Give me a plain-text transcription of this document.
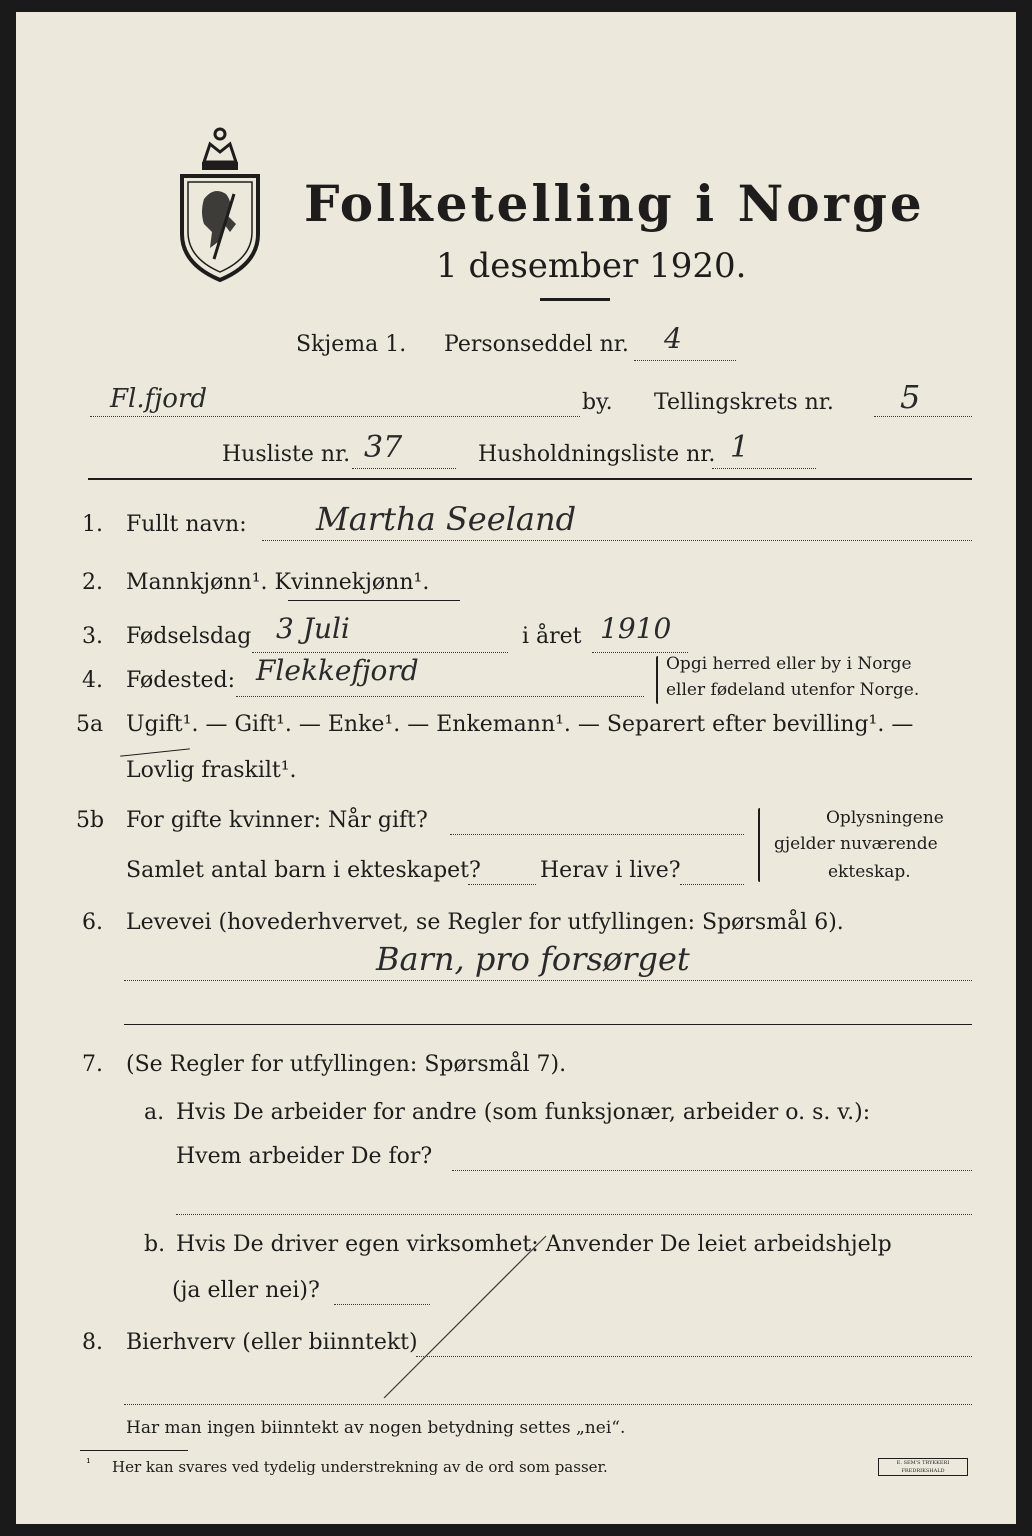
Folketelling i Norge
1 desember 1920.
Skjema 1. Personseddel nr. 4
Fl.fjord	by. Tellingskrets nr. 5
Husliste nr. 37	Husholdningsliste nr. 1
1. Fullt navn: Martha Seeland
2. Mannkjønn¹. Kvinnekjønn¹.
3. Fødselsdag 3 Juli	i året 1910
4. Fødested: Flekkefjord	Opgi herred eller by i Norge
eller fødeland utenfor Norge.
5a Ugift¹. — Gift¹. — Enke¹. — Enkemann¹. — Separert efter bevilling¹. —
Lovlig fraskilt¹.
5b For gifte kvinner: Når gift?
Samlet antal barn i ekteskapet?	Herav i live?
Oplysningene
gjelder nuværende
ekteskap.
6. Levevei (hovederhvervet, se Regler for utfyllingen: Spørsmål 6).
Barn, pro forsørget
7. (Se Regler for utfyllingen: Spørsmål 7).
a. Hvis De arbeider for andre (som funksjonær, arbeider o. s. v.):
Hvem arbeider De for?
b. Hvis De driver egen virksomhet: Anvender De leiet arbeidshjelp
(ja eller nei)?
8. Bierhverv (eller biinntekt)
Har man ingen biinntekt av nogen betydning settes „nei“.
¹ Her kan svares ved tydelig understrekning av de ord som passer.	E. SEM'S TRYKKERI FREDRIKSHALD
